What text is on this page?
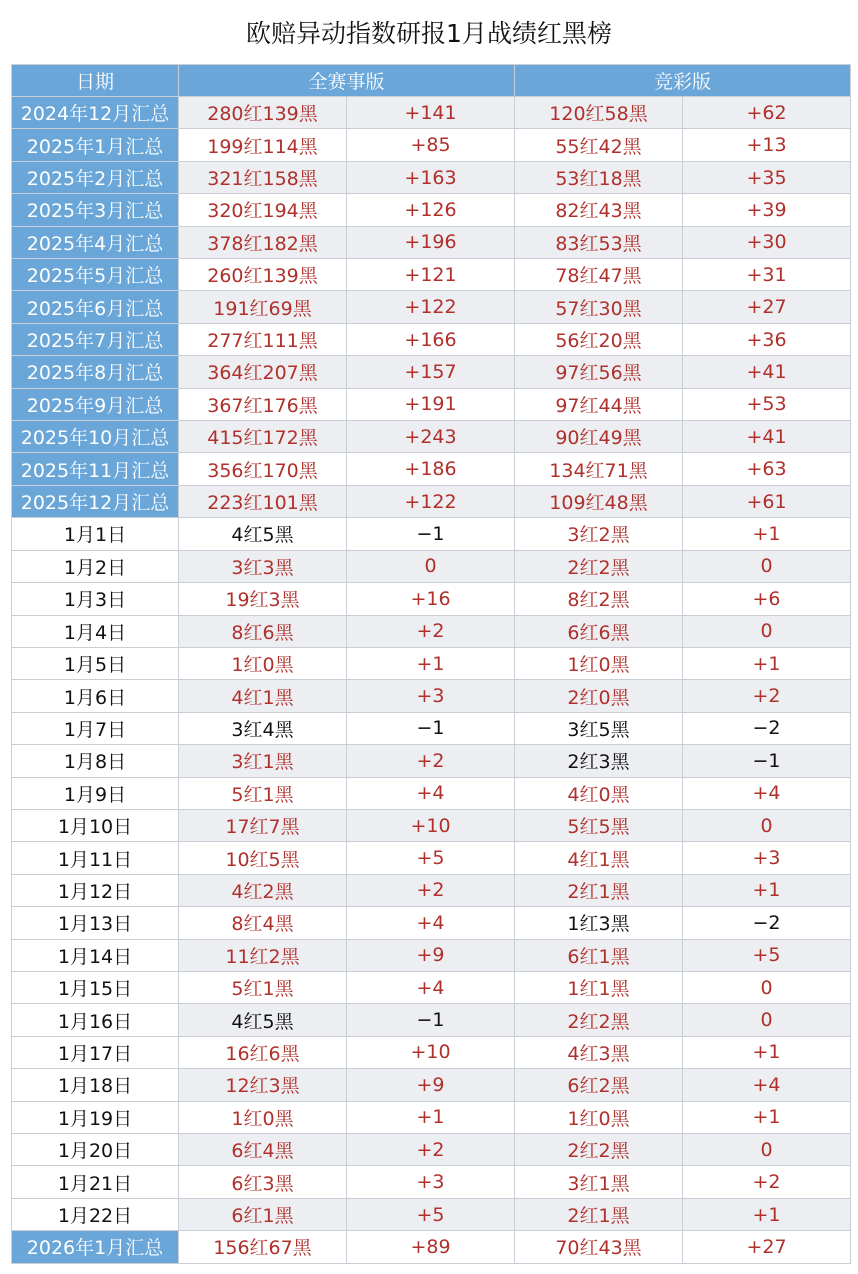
欧赔异动指数研报1月战绩红黑榜
日期	全赛事版		竞彩版	
2024年12月汇总	280红139黑	+141	120红58黑	+62
2025年1月汇总	199红114黑	+85	55红42黑	+13
2025年2月汇总	321红158黑	+163	53红18黑	+35
2025年3月汇总	320红194黑	+126	82红43黑	+39
2025年4月汇总	378红182黑	+196	83红53黑	+30
2025年5月汇总	260红139黑	+121	78红47黑	+31
2025年6月汇总	191红69黑	+122	57红30黑	+27
2025年7月汇总	277红111黑	+166	56红20黑	+36
2025年8月汇总	364红207黑	+157	97红56黑	+41
2025年9月汇总	367红176黑	+191	97红44黑	+53
2025年10月汇总	415红172黑	+243	90红49黑	+41
2025年11月汇总	356红170黑	+186	134红71黑	+63
2025年12月汇总	223红101黑	+122	109红48黑	+61
1月1日	4红5黑	−1	3红2黑	+1
1月2日	3红3黑	0	2红2黑	0
1月3日	19红3黑	+16	8红2黑	+6
1月4日	8红6黑	+2	6红6黑	0
1月5日	1红0黑	+1	1红0黑	+1
1月6日	4红1黑	+3	2红0黑	+2
1月7日	3红4黑	−1	3红5黑	−2
1月8日	3红1黑	+2	2红3黑	−1
1月9日	5红1黑	+4	4红0黑	+4
1月10日	17红7黑	+10	5红5黑	0
1月11日	10红5黑	+5	4红1黑	+3
1月12日	4红2黑	+2	2红1黑	+1
1月13日	8红4黑	+4	1红3黑	−2
1月14日	11红2黑	+9	6红1黑	+5
1月15日	5红1黑	+4	1红1黑	0
1月16日	4红5黑	−1	2红2黑	0
1月17日	16红6黑	+10	4红3黑	+1
1月18日	12红3黑	+9	6红2黑	+4
1月19日	1红0黑	+1	1红0黑	+1
1月20日	6红4黑	+2	2红2黑	0
1月21日	6红3黑	+3	3红1黑	+2
1月22日	6红1黑	+5	2红1黑	+1
2026年1月汇总	156红67黑	+89	70红43黑	+27
